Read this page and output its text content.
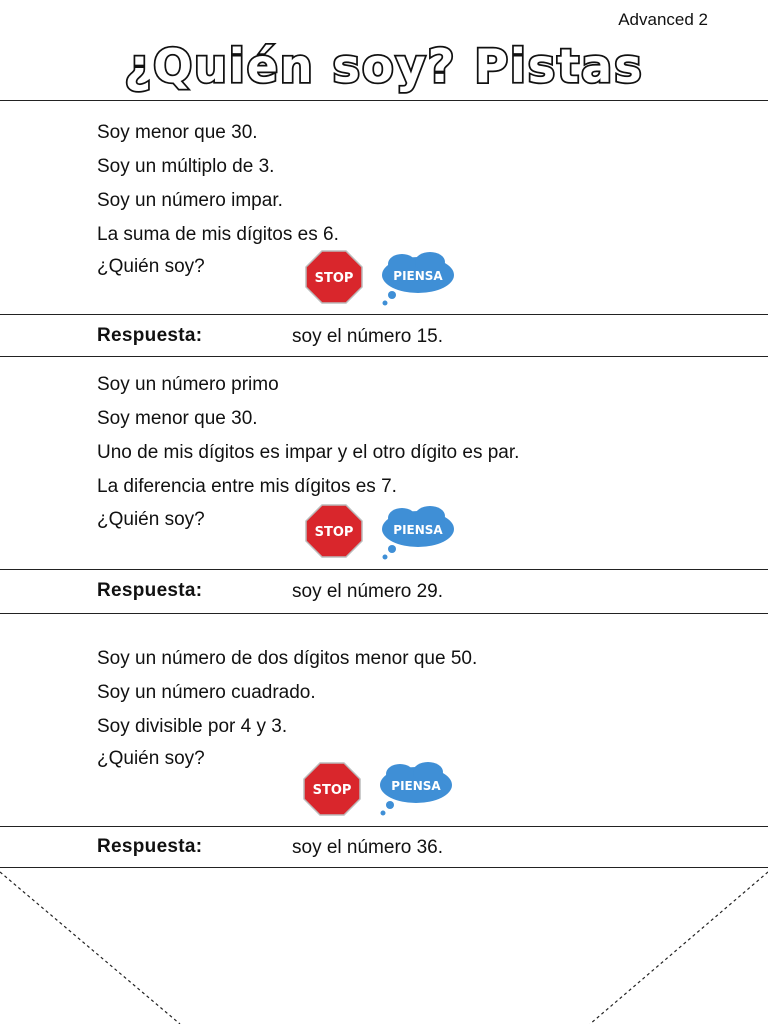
Advanced 2
¿Quién soy? Pistas
Soy menor que 30.
Soy un múltiplo de 3.
Soy un número impar.
La suma de mis dígitos es 6.
¿Quién soy?
STOP	PIENSA
Respuesta:	soy el número 15.
Soy un número primo
Soy menor que 30.
Uno de mis dígitos es impar y el otro dígito es par.
La diferencia entre mis dígitos es 7.
¿Quién soy?
STOP	PIENSA
Respuesta:	soy el número 29.
Soy un número de dos dígitos menor que 50.
Soy un número cuadrado.
Soy divisible por 4 y 3.
¿Quién soy?
STOP	PIENSA
Respuesta:	soy el número 36.
